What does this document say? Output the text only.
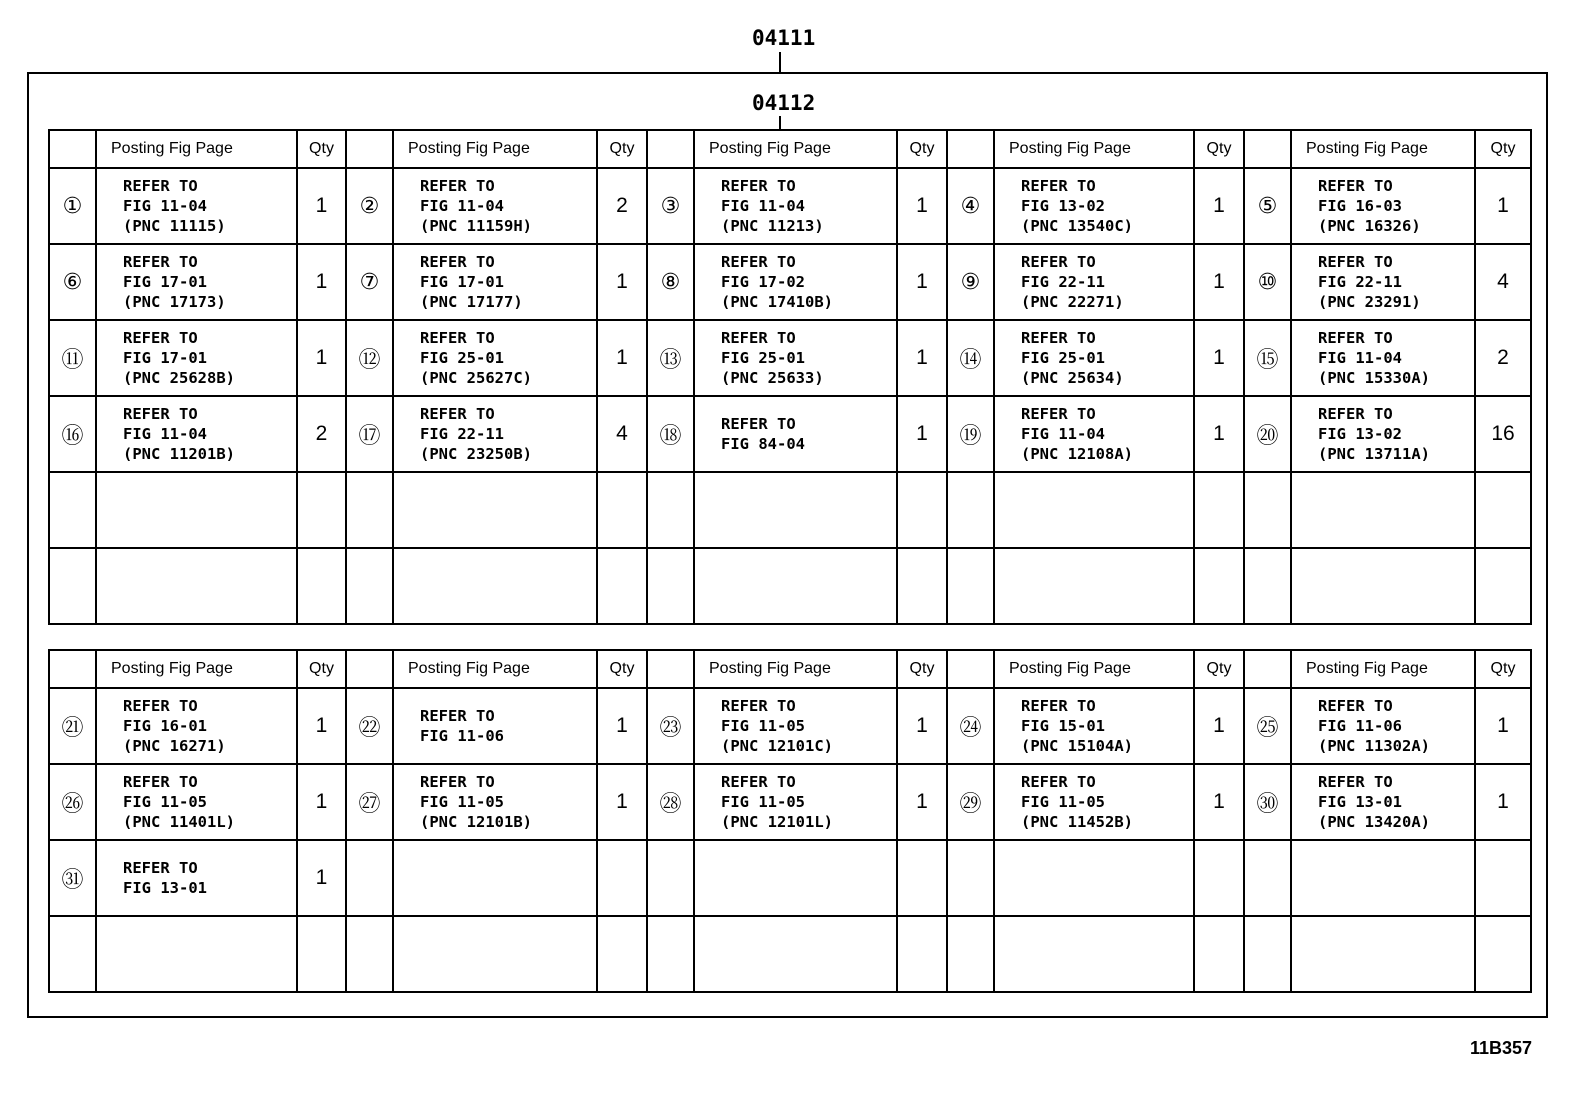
04111
04112
	Posting Fig Page	Qty		Posting Fig Page	Qty		Posting Fig Page	Qty		Posting Fig Page	Qty		Posting Fig Page	Qty
①	REFER TO
FIG 11-04
(PNC 11115)	1	②	REFER TO
FIG 11-04
(PNC 11159H)	2	③	REFER TO
FIG 11-04
(PNC 11213)	1	④	REFER TO
FIG 13-02
(PNC 13540C)	1	⑤	REFER TO
FIG 16-03
(PNC 16326)	1
⑥	REFER TO
FIG 17-01
(PNC 17173)	1	⑦	REFER TO
FIG 17-01
(PNC 17177)	1	⑧	REFER TO
FIG 17-02
(PNC 17410B)	1	⑨	REFER TO
FIG 22-11
(PNC 22271)	1	⑩	REFER TO
FIG 22-11
(PNC 23291)	4
⑪	REFER TO
FIG 17-01
(PNC 25628B)	1	⑫	REFER TO
FIG 25-01
(PNC 25627C)	1	⑬	REFER TO
FIG 25-01
(PNC 25633)	1	⑭	REFER TO
FIG 25-01
(PNC 25634)	1	⑮	REFER TO
FIG 11-04
(PNC 15330A)	2
⑯	REFER TO
FIG 11-04
(PNC 11201B)	2	⑰	REFER TO
FIG 22-11
(PNC 23250B)	4	⑱	REFER TO
FIG 84-04	1	⑲	REFER TO
FIG 11-04
(PNC 12108A)	1	⑳	REFER TO
FIG 13-02
(PNC 13711A)	16

	Posting Fig Page	Qty		Posting Fig Page	Qty		Posting Fig Page	Qty		Posting Fig Page	Qty		Posting Fig Page	Qty
㉑	REFER TO
FIG 16-01
(PNC 16271)	1	㉒	REFER TO
FIG 11-06	1	㉓	REFER TO
FIG 11-05
(PNC 12101C)	1	㉔	REFER TO
FIG 15-01
(PNC 15104A)	1	㉕	REFER TO
FIG 11-06
(PNC 11302A)	1
㉖	REFER TO
FIG 11-05
(PNC 11401L)	1	㉗	REFER TO
FIG 11-05
(PNC 12101B)	1	㉘	REFER TO
FIG 11-05
(PNC 12101L)	1	㉙	REFER TO
FIG 11-05
(PNC 11452B)	1	㉚	REFER TO
FIG 13-01
(PNC 13420A)	1
㉛	REFER TO
FIG 13-01	1												

11B357
